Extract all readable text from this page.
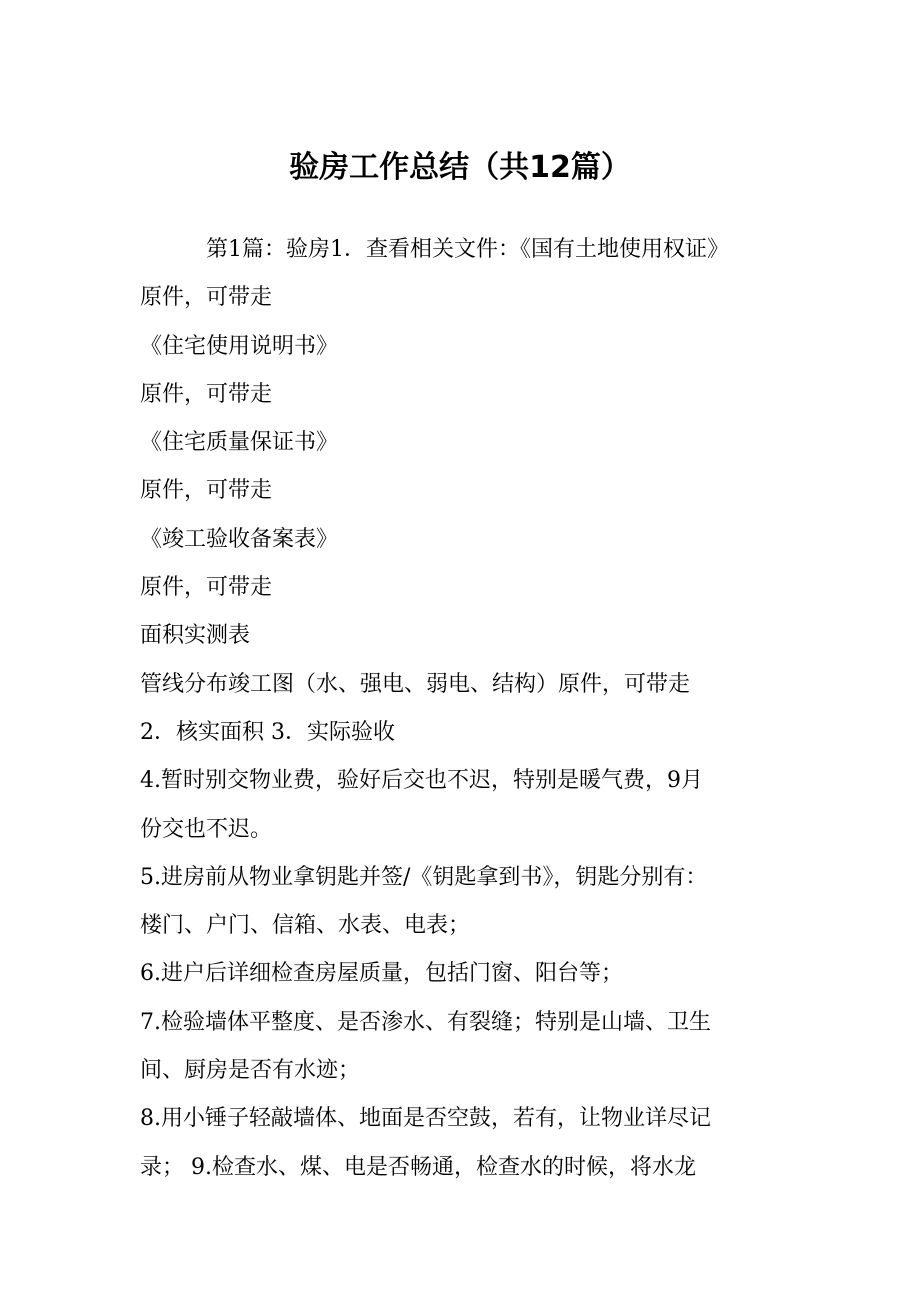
验房工作总结（共12篇）
第1篇：验房1．查看相关文件：《国有土地使用权证》
原件，可带走
《住宅使用说明书》
原件，可带走
《住宅质量保证书》
原件，可带走
《竣工验收备案表》
原件，可带走
面积实测表
管线分布竣工图（水、强电、弱电、结构）原件，可带走
2．核实面积 3．实际验收
4.暂时别交物业费，验好后交也不迟，特别是暖气费，9月
份交也不迟。
5.进房前从物业拿钥匙并签/《钥匙拿到书》，钥匙分别有：
楼门、户门、信箱、水表、电表；
6.进户后详细检查房屋质量，包括门窗、阳台等；
7.检验墙体平整度、是否渗水、有裂缝；特别是山墙、卫生
间、厨房是否有水迹；
8.用小锤子轻敲墙体、地面是否空鼓，若有，让物业详尽记
录； 9.检查水、煤、电是否畅通，检查水的时候，将水龙
